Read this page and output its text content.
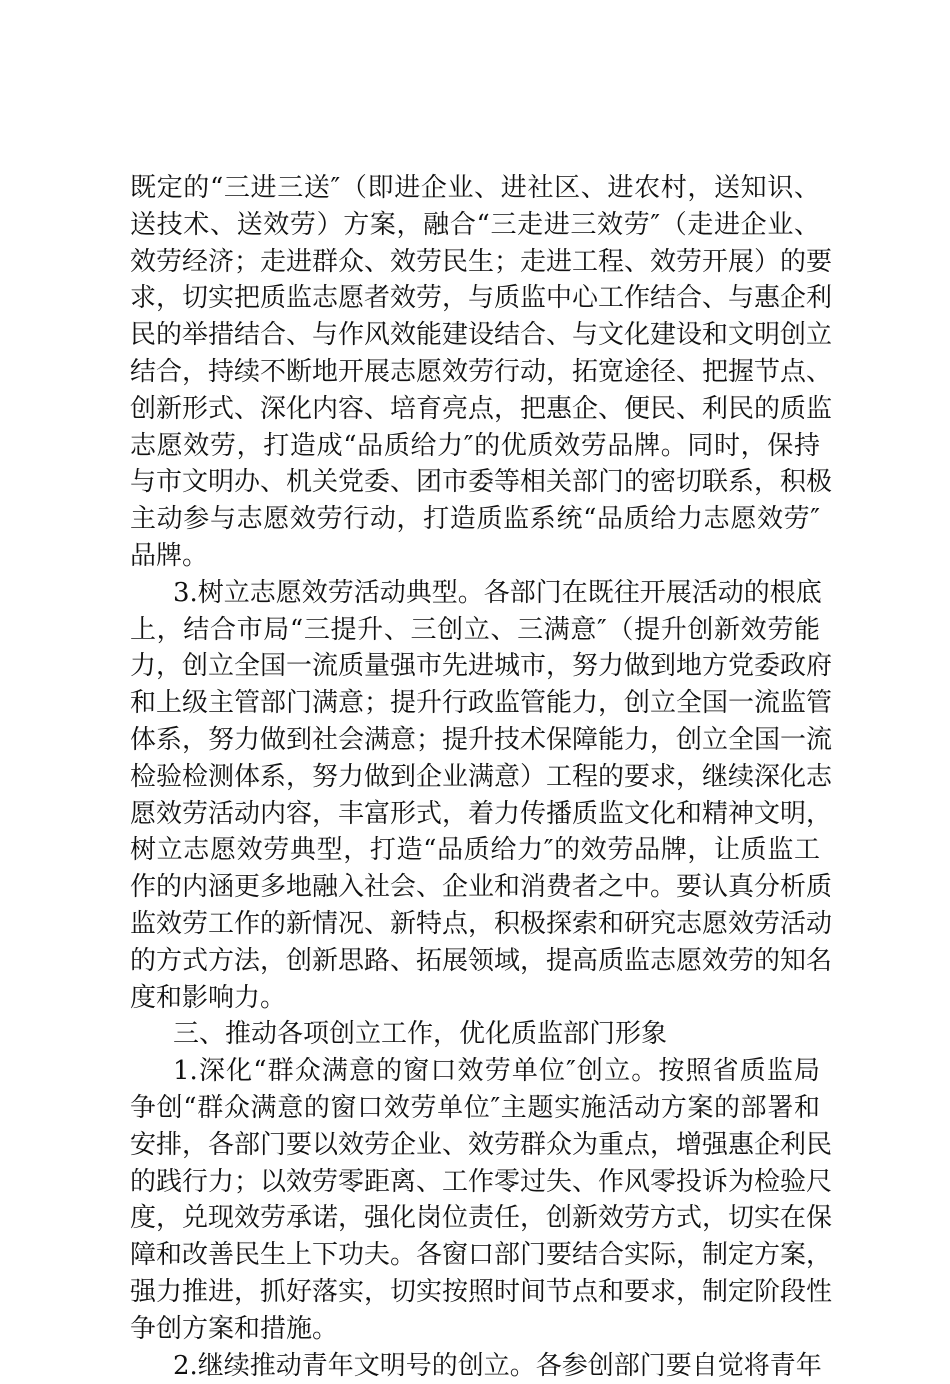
既定的“三进三送″（即进企业、进社区、进农村，送知识、
送技术、送效劳）方案，融合“三走进三效劳″（走进企业、
效劳经济；走进群众、效劳民生；走进工程、效劳开展）的要
求，切实把质监志愿者效劳，与质监中心工作结合、与惠企利
民的举措结合、与作风效能建设结合、与文化建设和文明创立
结合，持续不断地开展志愿效劳行动，拓宽途径、把握节点、
创新形式、深化内容、培育亮点，把惠企、便民、利民的质监
志愿效劳，打造成“品质给力″的优质效劳品牌。同时，保持
与市文明办、机关党委、团市委等相关部门的密切联系，积极
主动参与志愿效劳行动，打造质监系统“品质给力志愿效劳″
品牌。
3.树立志愿效劳活动典型。各部门在既往开展活动的根底
上，结合市局“三提升、三创立、三满意″（提升创新效劳能
力，创立全国一流质量强市先进城市，努力做到地方党委政府
和上级主管部门满意；提升行政监管能力，创立全国一流监管
体系，努力做到社会满意；提升技术保障能力，创立全国一流
检验检测体系，努力做到企业满意）工程的要求，继续深化志
愿效劳活动内容，丰富形式，着力传播质监文化和精神文明，
树立志愿效劳典型，打造“品质给力″的效劳品牌，让质监工
作的内涵更多地融入社会、企业和消费者之中。要认真分析质
监效劳工作的新情况、新特点，积极探索和研究志愿效劳活动
的方式方法，创新思路、拓展领域，提高质监志愿效劳的知名
度和影响力。
三、推动各项创立工作，优化质监部门形象
1.深化“群众满意的窗口效劳单位″创立。按照省质监局
争创“群众满意的窗口效劳单位″主题实施活动方案的部署和
安排，各部门要以效劳企业、效劳群众为重点，增强惠企利民
的践行力；以效劳零距离、工作零过失、作风零投诉为检验尺
度，兑现效劳承诺，强化岗位责任，创新效劳方式，切实在保
障和改善民生上下功夫。各窗口部门要结合实际，制定方案，
强力推进，抓好落实，切实按照时间节点和要求，制定阶段性
争创方案和措施。
2.继续推动青年文明号的创立。各参创部门要自觉将青年
